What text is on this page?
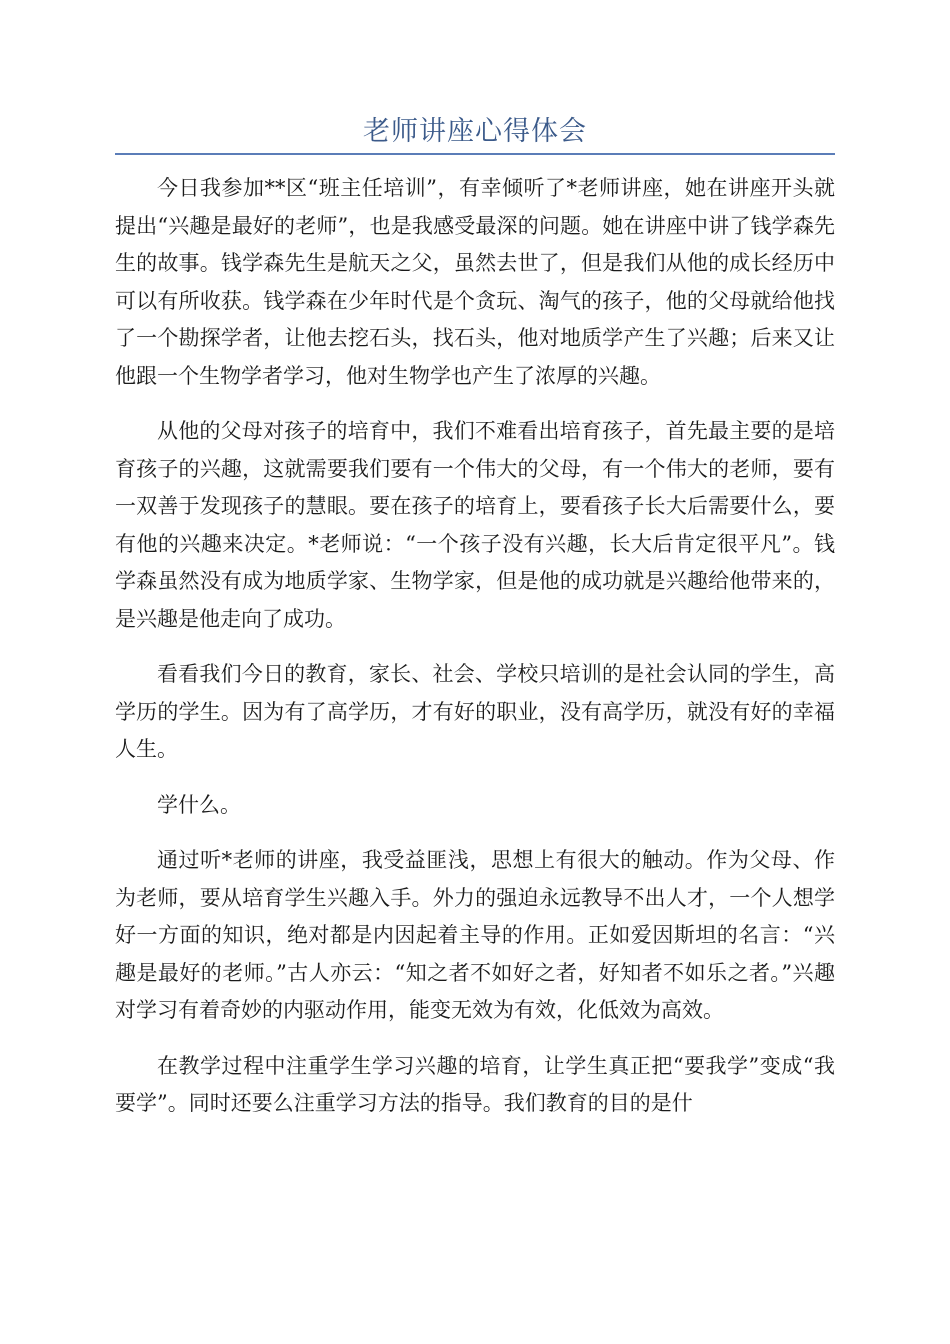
老师讲座心得体会

今日我参加**区“班主任培训”，有幸倾听了*老师讲座，她在讲座开头就提出“兴趣是最好的老师”，也是我感受最深的问题。她在讲座中讲了钱学森先生的故事。钱学森先生是航天之父，虽然去世了，但是我们从他的成长经历中可以有所收获。钱学森在少年时代是个贪玩、淘气的孩子，他的父母就给他找了一个勘探学者，让他去挖石头，找石头，他对地质学产生了兴趣；后来又让他跟一个生物学者学习，他对生物学也产生了浓厚的兴趣。

从他的父母对孩子的培育中，我们不难看出培育孩子，首先最主要的是培育孩子的兴趣，这就需要我们要有一个伟大的父母，有一个伟大的老师，要有一双善于发现孩子的慧眼。要在孩子的培育上，要看孩子长大后需要什么，要有他的兴趣来决定。*老师说：“一个孩子没有兴趣，长大后肯定很平凡”。钱学森虽然没有成为地质学家、生物学家，但是他的成功就是兴趣给他带来的，是兴趣是他走向了成功。

看看我们今日的教育，家长、社会、学校只培训的是社会认同的学生，高学历的学生。因为有了高学历，才有好的职业，没有高学历，就没有好的幸福人生。

学什么。

通过听*老师的讲座，我受益匪浅，思想上有很大的触动。作为父母、作为老师，要从培育学生兴趣入手。外力的强迫永远教导不出人才，一个人想学好一方面的知识，绝对都是内因起着主导的作用。正如爱因斯坦的名言：“兴趣是最好的老师。”古人亦云：“知之者不如好之者，好知者不如乐之者。”兴趣对学习有着奇妙的内驱动作用，能变无效为有效，化低效为高效。

在教学过程中注重学生学习兴趣的培育，让学生真正把“要我学”变成“我要学”。同时还要么注重学习方法的指导。我们教育的目的是什
